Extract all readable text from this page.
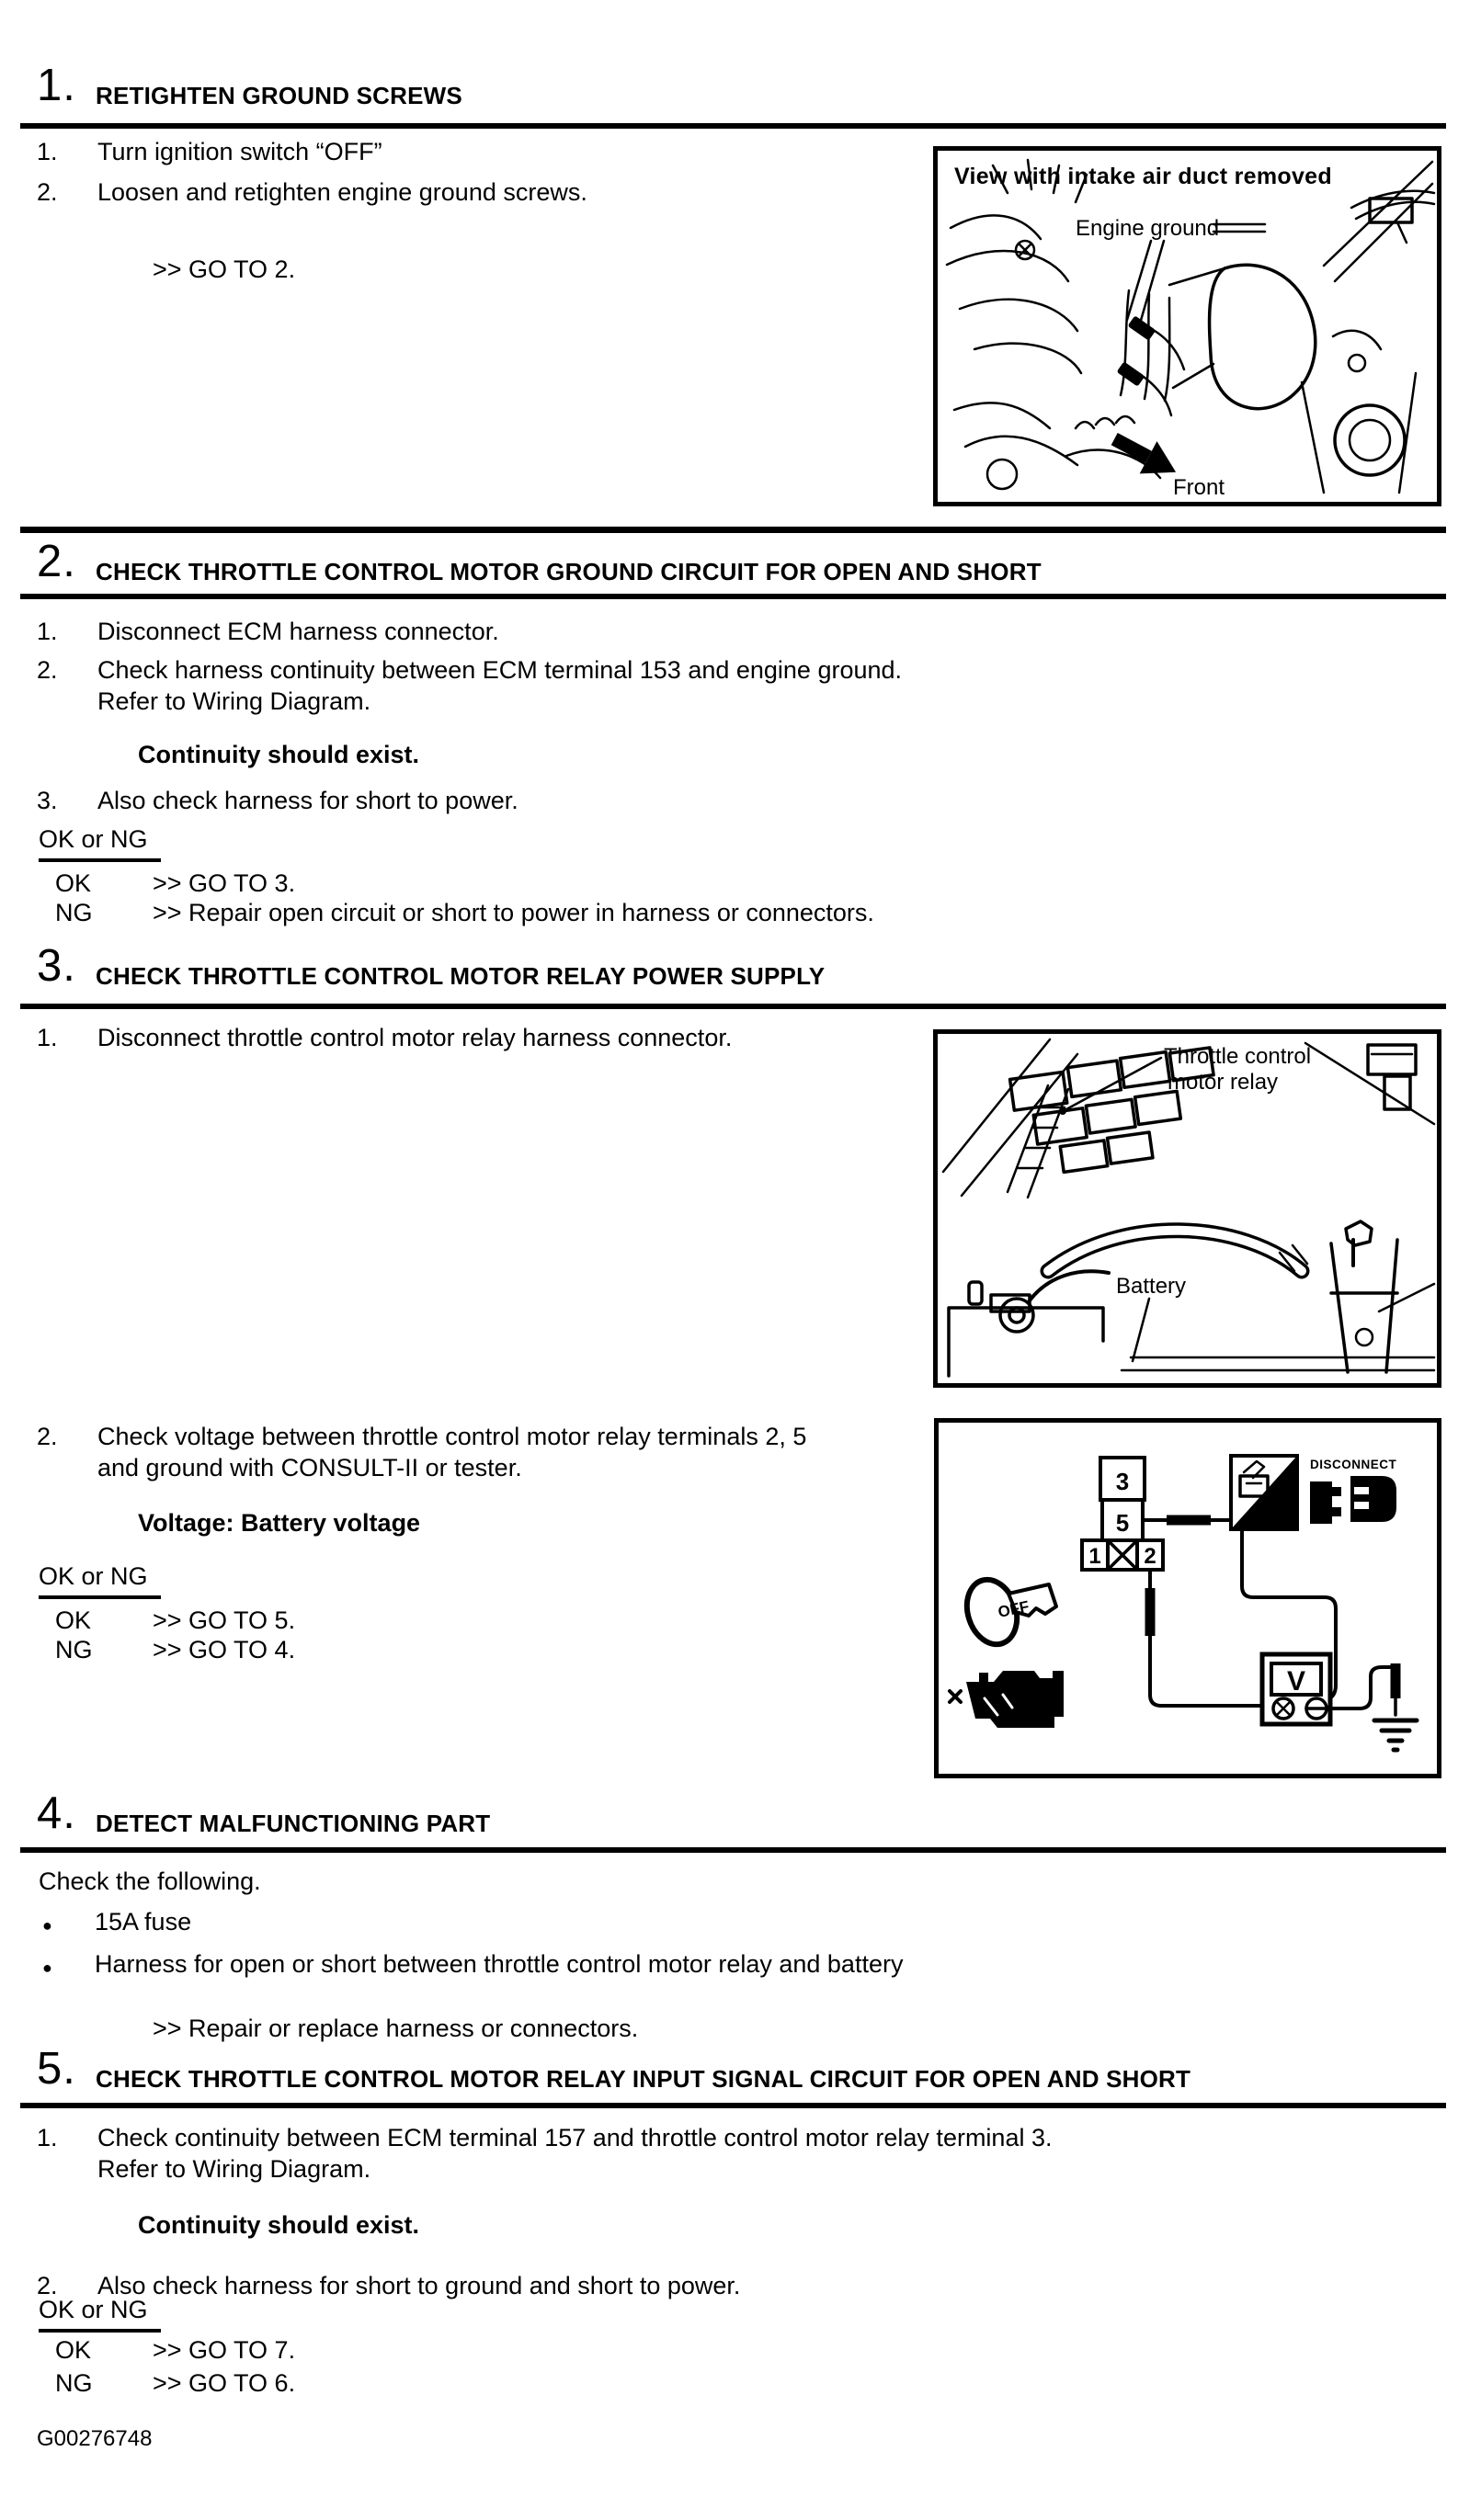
1. RETIGHTEN GROUND SCREWS
1. Turn ignition switch “OFF”
2. Loosen and retighten engine ground screws.
>> GO TO 2.
View with intake air duct removed
Engine ground
Front
2. CHECK THROTTLE CONTROL MOTOR GROUND CIRCUIT FOR OPEN AND SHORT
1. Disconnect ECM harness connector.
2. Check harness continuity between ECM terminal 153 and engine ground.
Refer to Wiring Diagram.
Continuity should exist.
3. Also check harness for short to power.
OK or NG
OK >> GO TO 3.
NG >> Repair open circuit or short to power in harness or connectors.
3. CHECK THROTTLE CONTROL MOTOR RELAY POWER SUPPLY
1. Disconnect throttle control motor relay harness connector.
Throttle control
motor relay
Battery
2. Check voltage between throttle control motor relay terminals 2, 5
and ground with CONSULT-II or tester.
Voltage: Battery voltage
OK or NG
OK >> GO TO 5.
NG >> GO TO 4.
3
5
1 2
V
T.S.
DISCONNECT
OFF
4. DETECT MALFUNCTIONING PART
Check the following.
● 15A fuse
● Harness for open or short between throttle control motor relay and battery
>> Repair or replace harness or connectors.
5. CHECK THROTTLE CONTROL MOTOR RELAY INPUT SIGNAL CIRCUIT FOR OPEN AND SHORT
1. Check continuity between ECM terminal 157 and throttle control motor relay terminal 3.
Refer to Wiring Diagram.
Continuity should exist.
2. Also check harness for short to ground and short to power.
OK or NG
OK >> GO TO 7.
NG >> GO TO 6.
G00276748
